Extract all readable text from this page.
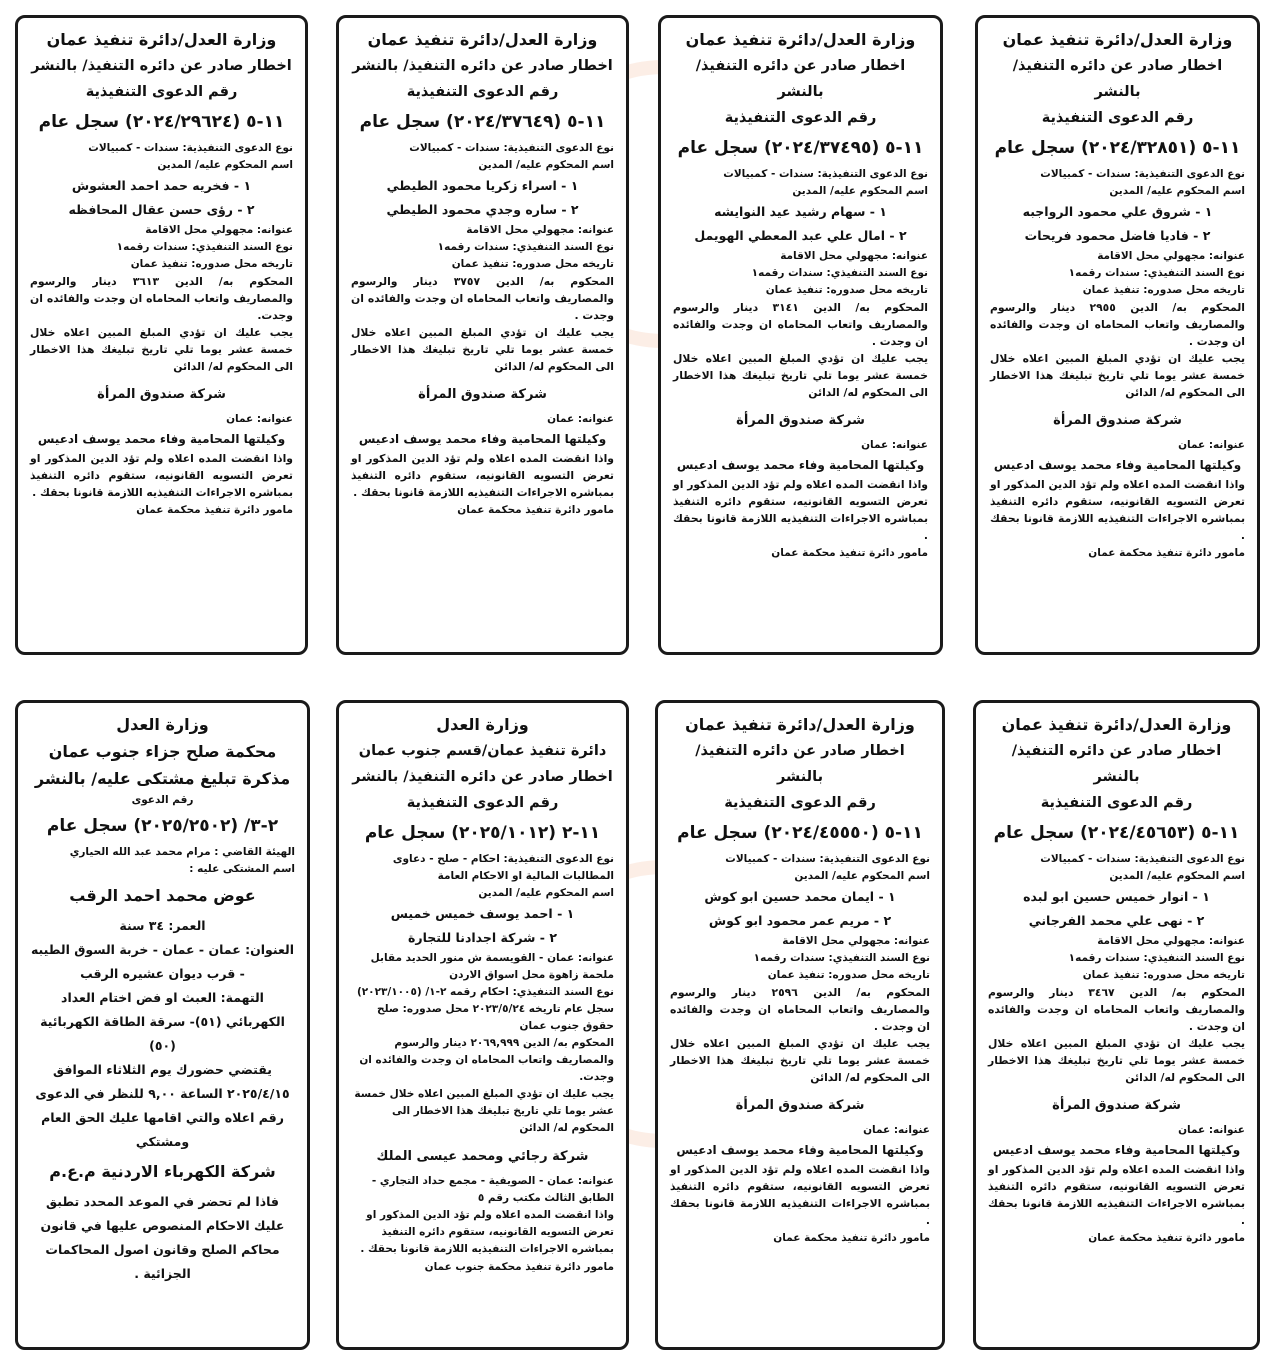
وزارة العدل/دائرة تنفيذ عمان

اخطار صادر عن دائره التنفيذ/ بالنشر

رقم الدعوى التنفيذية

١١-٥ (٢٠٢٤/٣٢٨٥١) سجل عام

نوع الدعوى التنفيذية: سندات - كمبيالات

اسم المحكوم عليه/ المدين

١ - شروق علي محمود الرواجبه

٢ - فاديا فاضل محمود فريحات

عنوانه: مجهولي محل الاقامة

نوع السند التنفيذي: سندات رقمه١

تاريخه محل صدوره: تنفيذ عمان

المحكوم به/ الدين ٢٩٥٥ دينار والرسوم والمصاريف واتعاب المحاماه ان وجدت والفائده ان وجدت .

يجب عليك ان تؤدي المبلغ المبين اعلاه خلال خمسة عشر يوما تلي تاريخ تبليغك هذا الاخطار الى المحكوم له/ الدائن

شركة صندوق المرأة

عنوانه: عمان

وكيلتها المحامية وفاء محمد يوسف ادعيس

واذا انقضت المده اعلاه ولم تؤد الدين المذكور او تعرض التسويه القانونيه، ستقوم دائره التنفيذ بمباشره الاجراءات التنفيذيه اللازمة قانونا بحقك .

مامور دائرة تنفيذ محكمة عمان

وزارة العدل/دائرة تنفيذ عمان

اخطار صادر عن دائره التنفيذ/ بالنشر

رقم الدعوى التنفيذية

١١-٥ (٢٠٢٤/٣٧٤٩٥) سجل عام

نوع الدعوى التنفيذية: سندات - كمبيالات

اسم المحكوم عليه/ المدين

١ - سهام رشيد عيد النوايشه

٢ - امال علي عبد المعطي الهويمل

عنوانه: مجهولي محل الاقامة

نوع السند التنفيذي: سندات رقمه١

تاريخه محل صدوره: تنفيذ عمان

المحكوم به/ الدين ٣١٤١ دينار والرسوم والمصاريف واتعاب المحاماه ان وجدت والفائده ان وجدت .

يجب عليك ان تؤدي المبلغ المبين اعلاه خلال خمسة عشر يوما تلي تاريخ تبليغك هذا الاخطار الى المحكوم له/ الدائن

شركة صندوق المرأة

عنوانه: عمان

وكيلتها المحامية وفاء محمد يوسف ادعيس

واذا انقضت المده اعلاه ولم تؤد الدين المذكور او تعرض التسويه القانونيه، ستقوم دائره التنفيذ بمباشره الاجراءات التنفيذيه اللازمة قانونا بحقك .

مامور دائرة تنفيذ محكمة عمان

وزارة العدل/دائرة تنفيذ عمان

اخطار صادر عن دائره التنفيذ/ بالنشر

رقم الدعوى التنفيذية

١١-٥ (٢٠٢٤/٣٧٦٤٩) سجل عام

نوع الدعوى التنفيذية: سندات - كمبيالات

اسم المحكوم عليه/ المدين

١ - اسراء زكريا محمود الطيطي

٢ - ساره وجدي محمود الطيطي

عنوانه: مجهولي محل الاقامة

نوع السند التنفيذي: سندات رقمه١

تاريخه محل صدوره: تنفيذ عمان

المحكوم به/ الدين ٣٧٥٧ دينار والرسوم والمصاريف واتعاب المحاماه ان وجدت والفائده ان وجدت .

يجب عليك ان تؤدي المبلغ المبين اعلاه خلال خمسة عشر يوما تلي تاريخ تبليغك هذا الاخطار الى المحكوم له/ الدائن

شركة صندوق المرأة

عنوانه: عمان

وكيلتها المحامية وفاء محمد يوسف ادعيس

واذا انقضت المده اعلاه ولم تؤد الدين المذكور او تعرض التسويه القانونيه، ستقوم دائره التنفيذ بمباشره الاجراءات التنفيذيه اللازمة قانونا بحقك .

مامور دائرة تنفيذ محكمة عمان

وزارة العدل/دائرة تنفيذ عمان

اخطار صادر عن دائره التنفيذ/ بالنشر

رقم الدعوى التنفيذية

١١-٥ (٢٠٢٤/٢٩٦٢٤) سجل عام

نوع الدعوى التنفيذية: سندات - كمبيالات

اسم المحكوم عليه/ المدين

١ - فخريه حمد احمد العشوش

٢ - رؤى حسن عقال المحافظه

عنوانه: مجهولي محل الاقامة

نوع السند التنفيذي: سندات رقمه١

تاريخه محل صدوره: تنفيذ عمان

المحكوم به/ الدين ٣٦١٣ دينار والرسوم والمصاريف واتعاب المحاماه ان وجدت والفائده ان وجدت.

يجب عليك ان تؤدي المبلغ المبين اعلاه خلال خمسة عشر يوما تلي تاريخ تبليغك هذا الاخطار الى المحكوم له/ الدائن

شركة صندوق المرأة

عنوانه: عمان

وكيلتها المحامية وفاء محمد يوسف ادعيس

واذا انقضت المده اعلاه ولم تؤد الدين المذكور او تعرض التسويه القانونيه، ستقوم دائره التنفيذ بمباشره الاجراءات التنفيذيه اللازمة قانونا بحقك .

مامور دائرة تنفيذ محكمة عمان

وزارة العدل/دائرة تنفيذ عمان

اخطار صادر عن دائره التنفيذ/ بالنشر

رقم الدعوى التنفيذية

١١-٥ (٢٠٢٤/٤٥٦٥٣) سجل عام

نوع الدعوى التنفيذية: سندات - كمبيالات

اسم المحكوم عليه/ المدين

١ - انوار خميس حسين ابو لبده

٢ - نهى علي محمد الفرجاني

عنوانه: مجهولي محل الاقامة

نوع السند التنفيذي: سندات رقمه١

تاريخه محل صدوره: تنفيذ عمان

المحكوم به/ الدين ٣٤٦٧ دينار والرسوم والمصاريف واتعاب المحاماه ان وجدت والفائده ان وجدت .

يجب عليك ان تؤدي المبلغ المبين اعلاه خلال خمسة عشر يوما تلي تاريخ تبليغك هذا الاخطار الى المحكوم له/ الدائن

شركة صندوق المرأة

عنوانه: عمان

وكيلتها المحامية وفاء محمد يوسف ادعيس

واذا انقضت المده اعلاه ولم تؤد الدين المذكور او تعرض التسويه القانونيه، ستقوم دائره التنفيذ بمباشره الاجراءات التنفيذيه اللازمة قانونا بحقك .

مامور دائرة تنفيذ محكمة عمان

وزارة العدل/دائرة تنفيذ عمان

اخطار صادر عن دائره التنفيذ/ بالنشر

رقم الدعوى التنفيذية

١١-٥ (٢٠٢٤/٤٥٥٥٠) سجل عام

نوع الدعوى التنفيذية: سندات - كمبيالات

اسم المحكوم عليه/ المدين

١ - ايمان محمد حسين ابو كوش

٢ - مريم عمر محمود ابو كوش

عنوانه: مجهولي محل الاقامة

نوع السند التنفيذي: سندات رقمه١

تاريخه محل صدوره: تنفيذ عمان

المحكوم به/ الدين ٢٥٩٦ دينار والرسوم والمصاريف واتعاب المحاماه ان وجدت والفائده ان وجدت .

يجب عليك ان تؤدي المبلغ المبين اعلاه خلال خمسة عشر يوما تلي تاريخ تبليغك هذا الاخطار الى المحكوم له/ الدائن

شركة صندوق المرأة

عنوانه: عمان

وكيلتها المحامية وفاء محمد يوسف ادعيس

واذا انقضت المده اعلاه ولم تؤد الدين المذكور او تعرض التسويه القانونيه، ستقوم دائره التنفيذ بمباشره الاجراءات التنفيذيه اللازمة قانونا بحقك .

مامور دائرة تنفيذ محكمة عمان

وزارة العدل

دائرة تنفيذ عمان/قسم جنوب عمان

اخطار صادر عن دائره التنفيذ/ بالنشر

رقم الدعوى التنفيذية

١١-٢ (٢٠٢٥/١٠١٢) سجل عام

نوع الدعوى التنفيذية: احكام - صلح - دعاوى المطالبات المالية او الاحكام العامة

اسم المحكوم عليه/ المدين

١ - احمد يوسف خميس خميس

٢ - شركة اجدادنا للتجارة

عنوانه: عمان - القويسمة ش منور الحديد مقابل ملحمة زاهوة محل اسواق الاردن

نوع السند التنفيذي: احكام رقمه ٢-١/ (٢٠٢٣/١٠٠٥) سجل عام تاريخه ٢٠٢٣/٥/٢٤ محل صدوره: صلح حقوق جنوب عمان

المحكوم به/ الدين ٢٠٦٩,٩٩٩ دينار والرسوم والمصاريف واتعاب المحاماه ان وجدت والفائده ان وجدت.

يجب عليك ان تؤدي المبلغ المبين اعلاه خلال خمسة عشر يوما تلي تاريخ تبليغك هذا الاخطار الى المحكوم له/ الدائن

شركة رجائي ومحمد عيسى الملك

عنوانه: عمان - الصويفية - مجمع حداد التجاري - الطابق الثالث مكتب رقم ٥

واذا انقضت المده اعلاه ولم تؤد الدين المذكور او تعرض التسويه القانونيه، ستقوم دائره التنفيذ بمباشره الاجراءات التنفيذيه اللازمة قانونا بحقك .

مامور دائرة تنفيذ محكمة جنوب عمان

وزارة العدل

محكمة صلح جزاء جنوب عمان

مذكرة تبليغ مشتكى عليه/ بالنشر

رقم الدعوى

٢-٣/ (٢٠٢٥/٢٥٠٢) سجل عام

الهيئة القاضي : مرام محمد عبد الله الحياري

اسم المشتكى عليه :

عوض محمد احمد الرقب

العمر: ٣٤ سنة

العنوان: عمان - عمان - خربة السوق الطيبه - قرب ديوان عشيره الرقب

التهمة: العبث او فض اختام العداد الكهربائي (٥١)- سرقة الطاقة الكهربائية (٥٠)

يقتضي حضورك يوم الثلاثاء الموافق ٢٠٢٥/٤/١٥ الساعة ٩,٠٠ للنظر في الدعوى رقم اعلاه والتي اقامها عليك الحق العام ومشتكي

شركة الكهرباء الاردنية م.ع.م

فاذا لم تحضر في الموعد المحدد تطبق عليك الاحكام المنصوص عليها في قانون محاكم الصلح وقانون اصول المحاكمات الجزائية .
